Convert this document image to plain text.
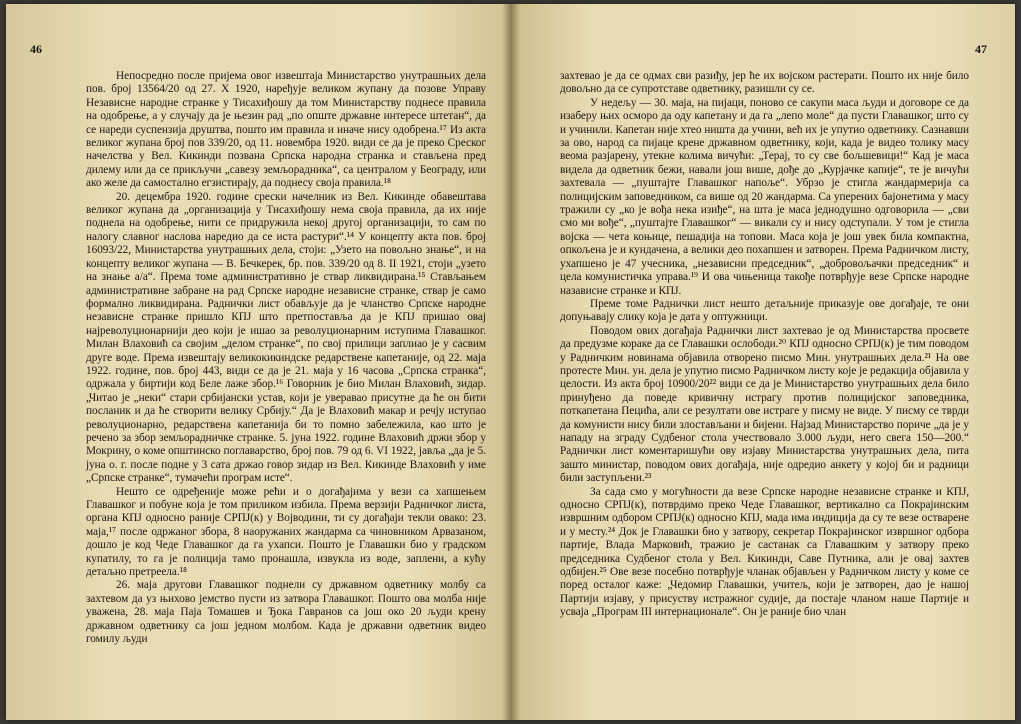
46

Непосредно после пријема овог извештаја Министарство унутрашњих дела пов. број 13564/20 од 27. X 1920, наређује великом жупану да позове Управу Независне народне странке у Тисахиђошу да том Министарству поднесе правила на одобрење, а у случају да је њезин рад „по опште државне интересе штетан“, да се нареди суспензија друштва, пошто им правила и иначе нису одобрена.¹⁷ Из акта великог жупана број пов 339/20, од 11. новембра 1920. види се да је преко Среског начелства у Вел. Кикинди позвана Српска народна странка и стављена пред дилему или да се прикључи „савезу земљорадника“, са централом у Београду, или ако желе да самостално егзистирају, да поднесу своја правила.¹⁸

20. децембра 1920. године срески начелник из Вел. Кикинде обавештава великог жупана да „организација у Тисахиђошу нема своја правила, да их није поднела на одобрење, нити се придружила некој другој организацији, то сам по налогу славног наслова наредио да се иста растури“.¹⁴ У концепту акта пов. број 16093/22, Министарства унутрашњих дела, стоји: „Узето на повољно знање“, и на концепту великог жупана — В. Бечкерек, бр. пов. 339/20 од 8. II 1921, стоји „узето на знање а/а“. Према томе административно је ствар ликвидирана.¹⁵ Стављањем административне забране на рад Српске народне независне странке, ствар је само формално ликвидирана. Раднички лист обављује да је чланство Српске народне независне странке пришло КПЈ што претпоставља да је КПЈ пришао овај најреволуционарнији део који је ишао за револуционарним иступима Главашког. Милан Влаховић са својим „делом странке“, по свој прилици заплиао је у сасвим друге воде. Према извештају великокикиндске редарствене капетаније, од 22. маја 1922. године, пов. број 443, види се да је 21. маја у 16 часова „Српска странка“, одржала у биртији код Беле лаже збор.¹⁶ Говорник је био Милан Влаховић, зидар. „Читао је „неки“ стари србијански устав, који је уверавао присутне да ће он бити посланик и да ће створити велику Србију.“ Да је Влаховић макар и речју иступао револуционарно, редарствена капетанија би то помно забележила, као што је речено за збор земљорадничке странке. 5. јуна 1922. године Влаховић држи збор у Мокрину, о коме општинско поглаварство, број пов. 79 од 6. VI 1922, јавља „да је 5. јуна о. г. после подне у 3 сата држао говор зидар из Вел. Кикинде Влаховић у име „Српске странке“, тумачећи програм исте“.

Нешто се одређеније може рећи и о догађајима у вези са хапшењем Главашког и побуне која је том приликом избила. Према верзији Радничког листа, органа КПЈ односно раније СРПЈ(к) у Војводини, ти су догађаји текли овако: 23. маја,¹⁷ после одржаног збора, 8 наоружаних жандарма са чиновником Арвазаном, дошло је код Чеде Главашког да га ухапси. Пошто је Главашки био у градском купатилу, то га је полиција тамо пронашла, извукла из воде, заплени, а кућу детаљно претреела.¹⁸

26. маја другови Главашког поднели су државном одветнику молбу са захтевом да уз њихово јемство пусти из затвора Главашког. Пошто ова молба није уважена, 28. маја Паја Томашев и Ђока Гавранов са још око 20 људи крену државном одветнику са још једном молбом. Када је државни одветник видео гомилу људи

47

захтевао је да се одмах сви разиђу, јер ће их војском растерати. Пошто их није било довољно да се супротставе одветнику, разишли су се.

У недељу — 30. маја, на пијаци, поново се сакупи маса људи и договоре се да изаберу њих осморо да оду капетану и да га „лепо моле“ да пусти Главашког, што су и учинили. Капетан није хтео ништа да учини, већ их је упутио одветнику. Сазнавши за ово, народ са пијаце крене државном одветнику, који, када је видео толику масу веома разјарену, утекне колима вичући: „Терај, то су све бољшевици!“ Кад је маса видела да одветник бежи, навали још више, дође до „Курјачке капије“, те је вичући захтевала — „пуштајте Главашког напоље“. Убрзо је стигла жандармерија са полицијским заповедником, са више од 20 жандарма. Са уперених бајонетима у масу тражили су „ко је вођа нека изиђе“, на шта је маса једнодушно одговорила — „сви смо ми вође“, „пуштајте Главашког“ — викали су и нису одступали. У том је стигла војска — чета коњице, пешадија на топови. Маса која је још увек била компактна, опкољена је и кундачена, а велики део похапшен и затворен. Према Радничком листу, ухапшено је 47 учесника, „независни председник“, „добровољачки председник“ и цела комунистичка управа.¹⁹ И ова чињеница такође потврђује везе Српске народне назависне странке и КПЈ.

Преме томе Раднички лист нешто детаљније приказује ове догађаје, те они допуњавају слику која је дата у оптужници.

Поводом ових догађаја Раднички лист захтевао је од Министарства просвете да предузме кораке да се Главашки ослободи.²⁰ КПЈ односно СРПЈ(к) је тим поводом у Радничким новинама објавила отворено писмо Мин. унутрашњих дела.²¹ На ове протесте Мин. ун. дела је упутио писмо Радничком листу које је редакција објавила у целости. Из акта број 10900/20²² види се да је Министарство унутрашњих дела било принуђено да поведе кривичну истрагу против полицијског заповедника, поткапетана Пецића, али се резултати ове истраге у писму не виде. У писму се тврди да комунисти нису били злостављани и бијени. Најзад Министарство поричe „да је у нападу на зграду Судбеног стола учествовало 3.000 људи, него свега 150—200.“ Раднички лист коментаришући ову изјаву Министарства унутрашњих дела, пита зашто министар, поводом ових догађаја, није одредио анкету у којој би и радници били заступљени.²³

За сада смо у могућности да везе Српске народне независне странке и КПЈ, односно СРПЈ(к), потврдимо преко Чеде Главашког, вертикално са Покрајинским извршним одбором СРПЈ(к) односно КПЈ, мада има индиција да су те везе остварене и у месту.²⁴ Док је Главашки био у затвору, секретар Покрајинског извршног одбора партије, Влада Марковић, тражио је састанак са Главашким у затвору преко председника Судбеног стола у Вел. Кикинди, Саве Путника, али је овај захтев одбијен.²⁵ Ове везе посебно потврђује чланак објављен у Радничком листу у коме се поред осталог каже: „Чедомир Главашки, учитељ, који је затворен, дао је нашој Партији изјаву, у присуству истражног судије, да постаје чланом наше Партије и усваја „Програм III интернационале“. Он је раније био члан
